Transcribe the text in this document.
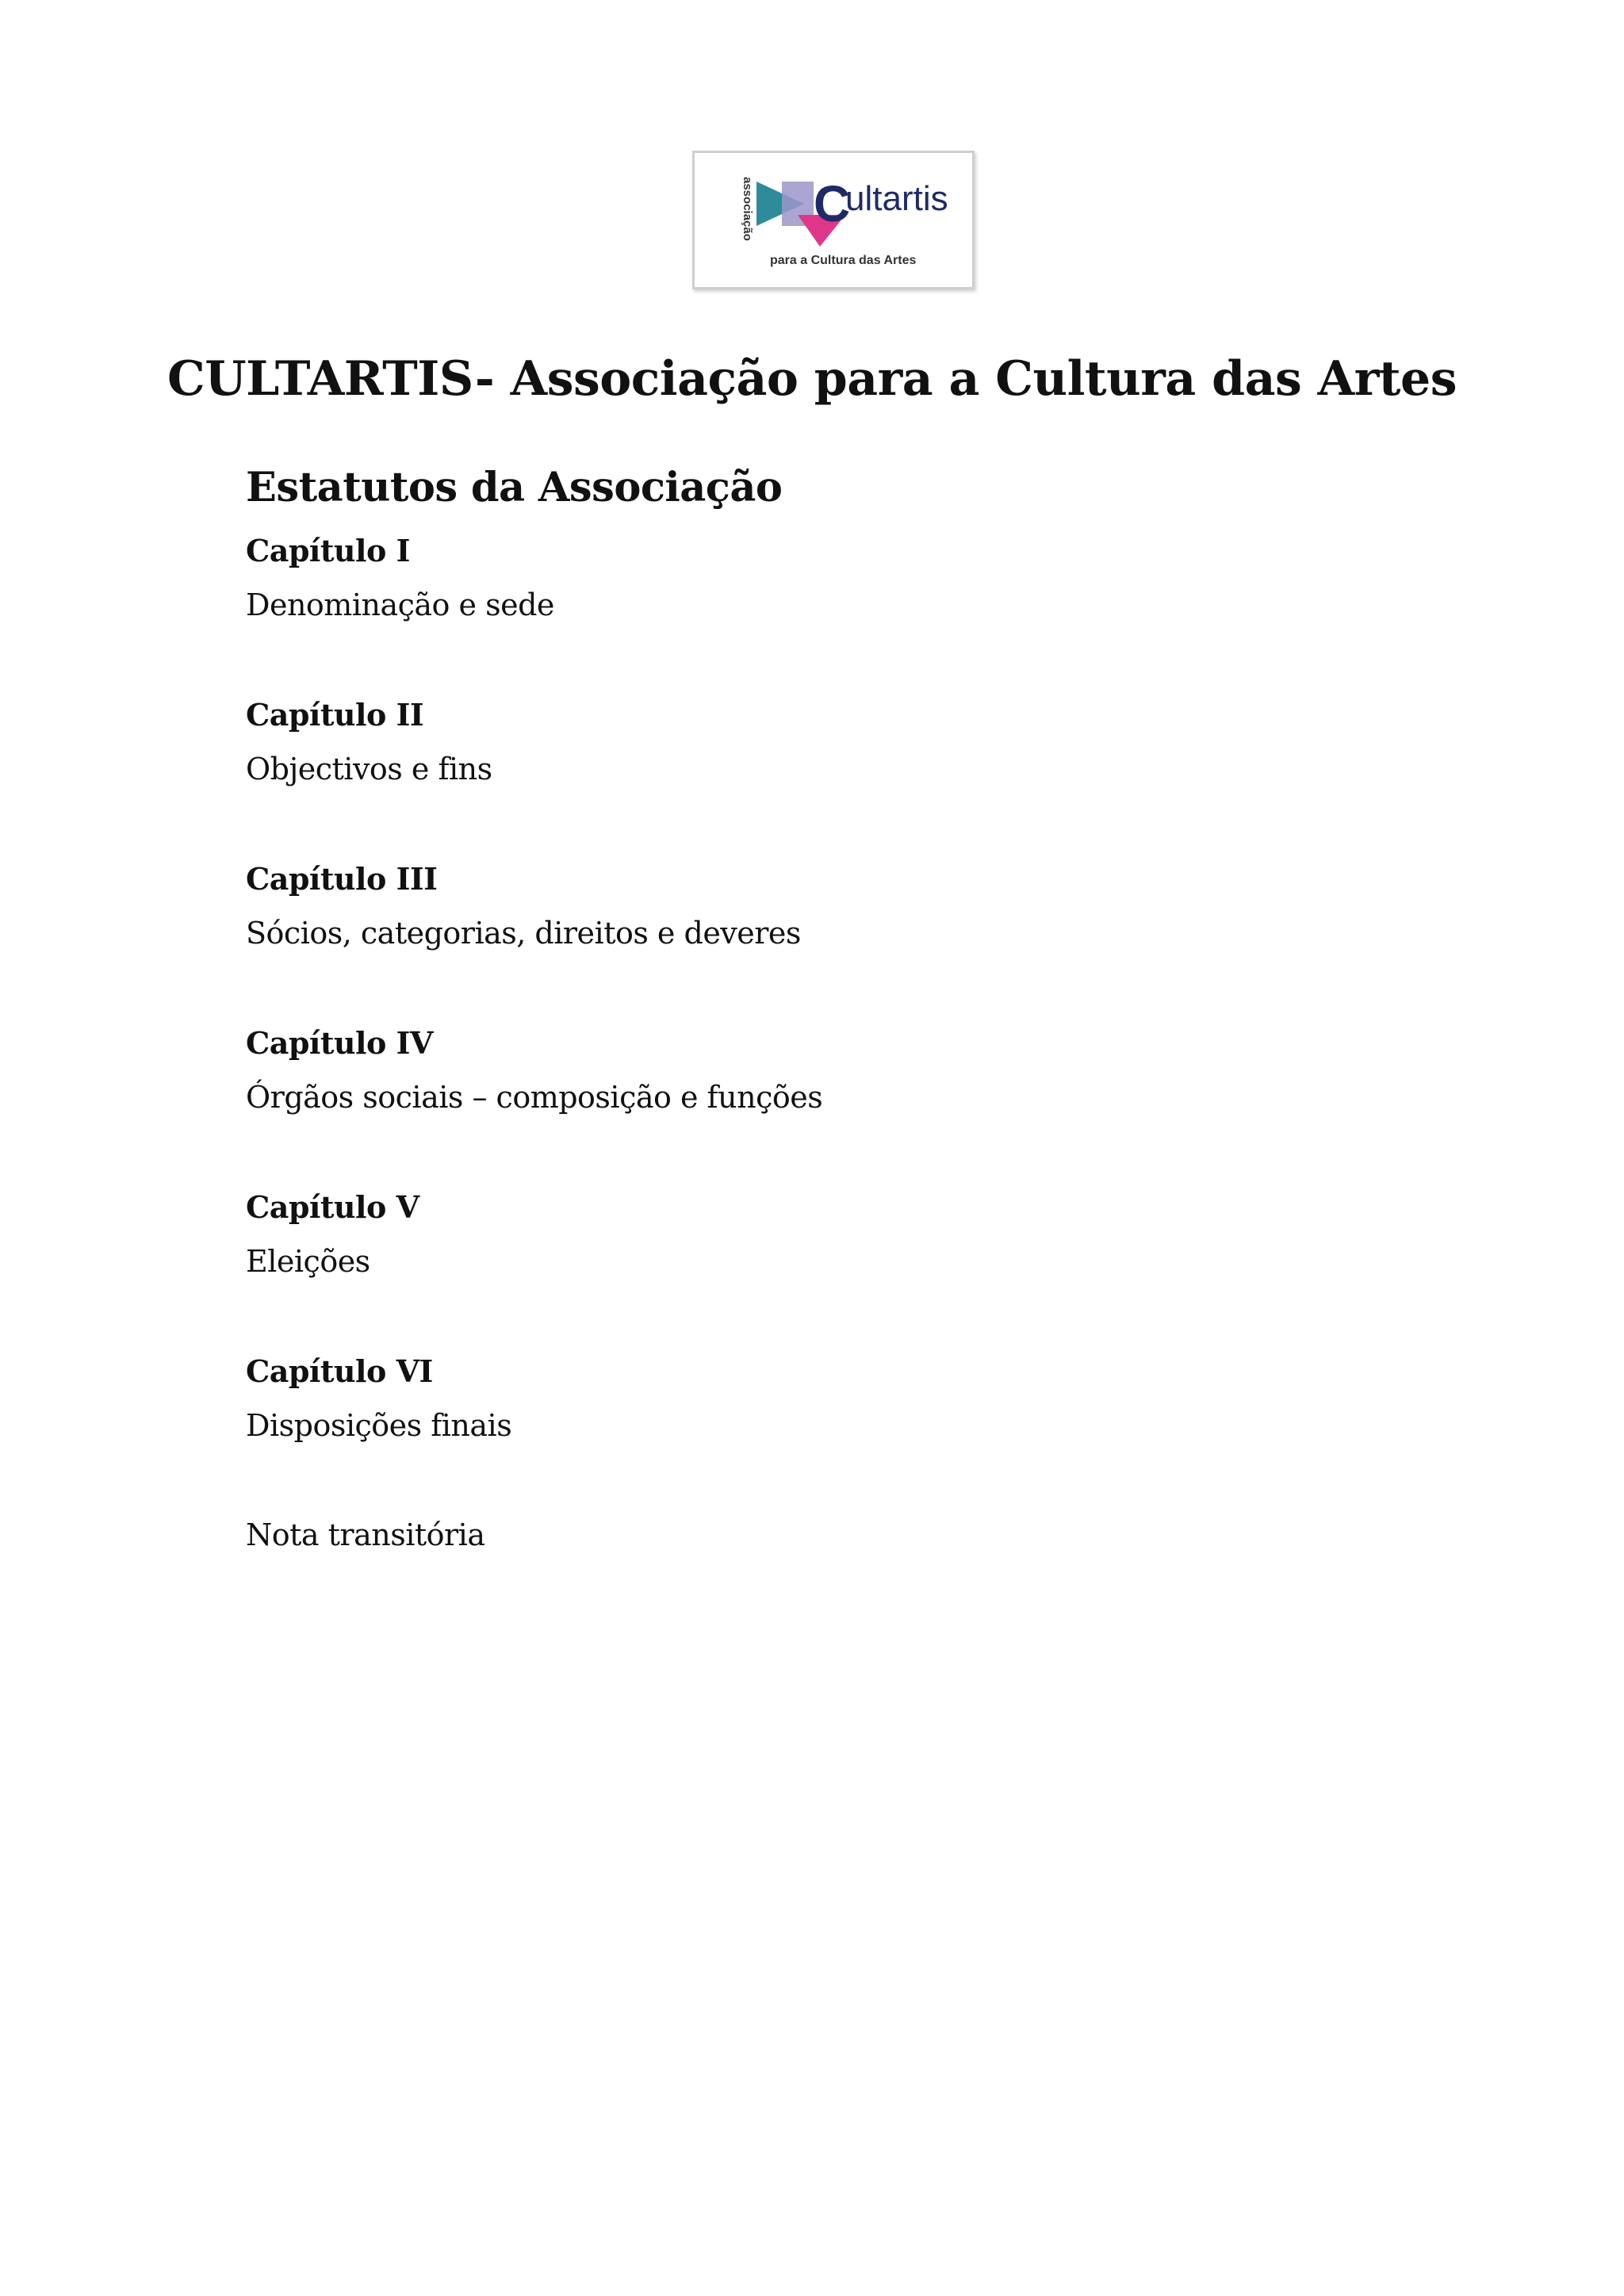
associação C
ultartis
para a Cultura das Artes
CULTARTIS- Associação para a Cultura das Artes
Estatutos da Associação

Capítulo I

Denominação e sede

Capítulo II

Objectivos e fins

Capítulo III

Sócios, categorias, direitos e deveres

Capítulo IV

Órgãos sociais – composição e funções

Capítulo V

Eleições

Capítulo VI

Disposições finais

Nota transitória
